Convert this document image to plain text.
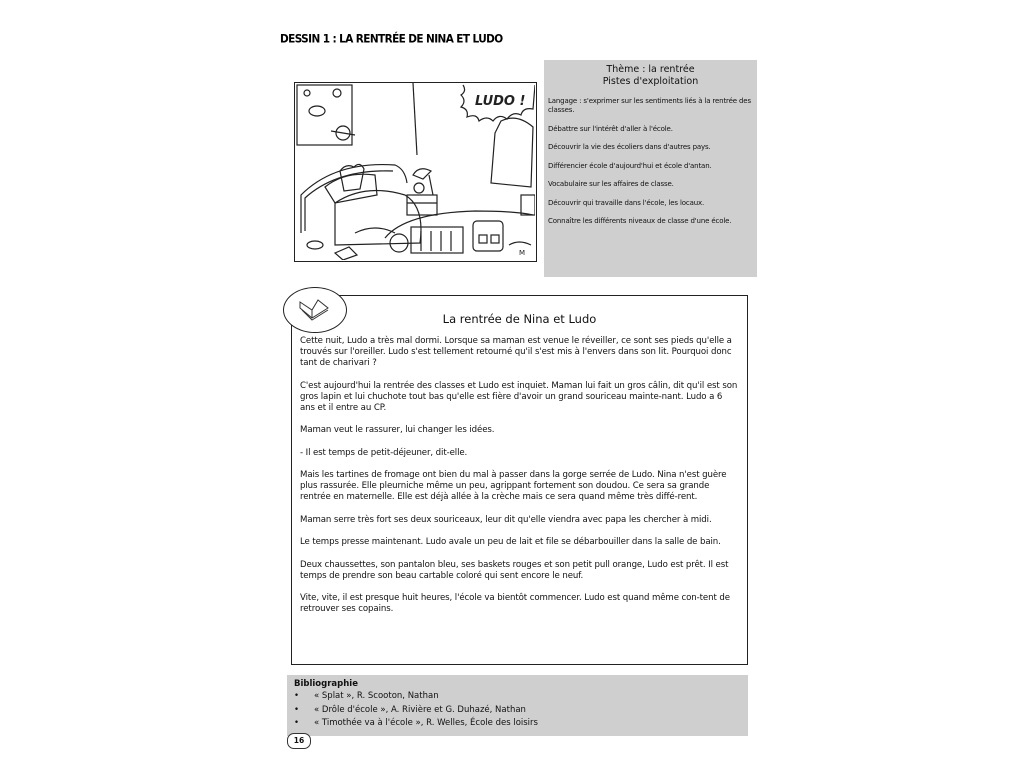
DESSIN 1 : LA RENTRÉE DE NINA ET LUDO
LUDO !
M
Thème : la rentrée
Pistes d'exploitation
Langage : s'exprimer sur les sentiments liés à la rentrée des classes.
Débattre sur l'intérêt d'aller à l'école.
Découvrir la vie des écoliers dans d'autres pays.
Différencier école d'aujourd'hui et école d'antan.
Vocabulaire sur les affaires de classe.
Découvrir qui travaille dans l'école, les locaux.
Connaître les différents niveaux de classe d'une école.
La rentrée de Nina et Ludo

Cette nuit, Ludo a très mal dormi. Lorsque sa maman est venue le réveiller, ce sont ses pieds qu'elle a trouvés sur l'oreiller. Ludo s'est tellement retourné qu'il s'est mis à l'envers dans son lit. Pourquoi donc tant de charivari ?

C'est aujourd'hui la rentrée des classes et Ludo est inquiet. Maman lui fait un gros câlin, dit qu'il est son gros lapin et lui chuchote tout bas qu'elle est fière d'avoir un grand souriceau mainte-nant. Ludo a 6 ans et il entre au CP.

Maman veut le rassurer, lui changer les idées.

- Il est temps de petit-déjeuner, dit-elle.

Mais les tartines de fromage ont bien du mal à passer dans la gorge serrée de Ludo. Nina n'est guère plus rassurée. Elle pleurniche même un peu, agrippant fortement son doudou. Ce sera sa grande rentrée en maternelle. Elle est déjà allée à la crèche mais ce sera quand même très diffé-rent.

Maman serre très fort ses deux souriceaux, leur dit qu'elle viendra avec papa les chercher à midi.

Le temps presse maintenant. Ludo avale un peu de lait et file se débarbouiller dans la salle de bain.

Deux chaussettes, son pantalon bleu, ses baskets rouges et son petit pull orange, Ludo est prêt. Il est temps de prendre son beau cartable coloré qui sent encore le neuf.

Vite, vite, il est presque huit heures, l'école va bientôt commencer. Ludo est quand même con-tent de retrouver ses copains.

Bibliographie
• « Splat », R. Scooton, Nathan
• « Drôle d'école », A. Rivière et G. Duhazé, Nathan
• « Timothée va à l'école », R. Welles, École des loisirs
16
